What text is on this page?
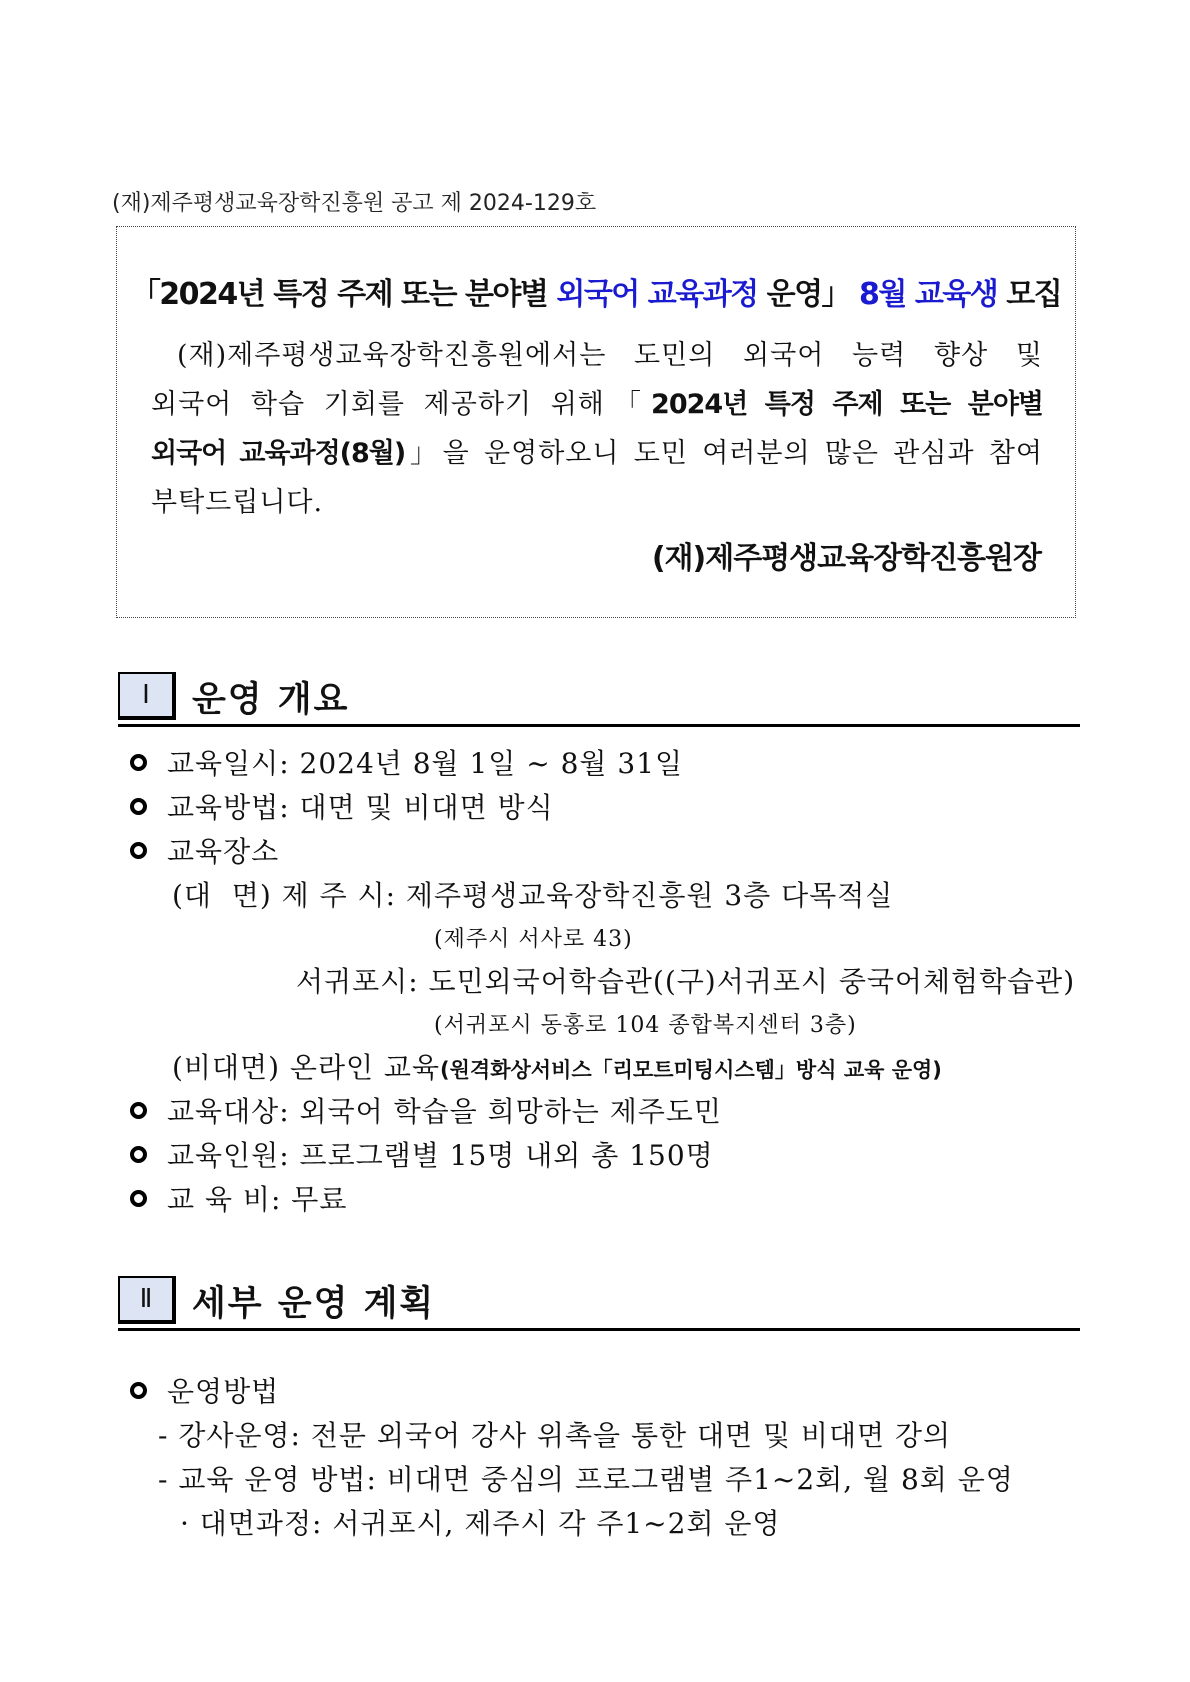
(재)제주평생교육장학진흥원 공고 제 2024-129호
「2024년 특정 주제 또는 분야별 외국어 교육과정 운영」 8월 교육생 모집
(재)제주평생교육장학진흥원에서는 도민의 외국어 능력 향상 및
외국어 학습 기회를 제공하기 위해「2024년 특정 주제 또는 분야별
외국어 교육과정(8월)」을 운영하오니 도민 여러분의 많은 관심과 참여
부탁드립니다.
(재)제주평생교육장학진흥원장
Ⅰ	운영 개요
교육일시: 2024년 8월 1일 ~ 8월 31일
교육방법: 대면 및 비대면 방식
교육장소
(대  면) 제 주 시: 제주평생교육장학진흥원 3층 다목적실
(제주시 서사로 43)
서귀포시: 도민외국어학습관((구)서귀포시 중국어체험학습관)
(서귀포시 동홍로 104 종합복지센터 3층)
(비대면) 온라인 교육(원격화상서비스「리모트미팅시스템」방식 교육 운영)
교육대상: 외국어 학습을 희망하는 제주도민
교육인원: 프로그램별 15명 내외 총 150명
교 육 비: 무료
Ⅱ	세부 운영 계획
운영방법
- 강사운영: 전문 외국어 강사 위촉을 통한 대면 및 비대면 강의
- 교육 운영 방법: 비대면 중심의 프로그램별 주1~2회, 월 8회 운영
· 대면과정: 서귀포시, 제주시 각 주1~2회 운영
